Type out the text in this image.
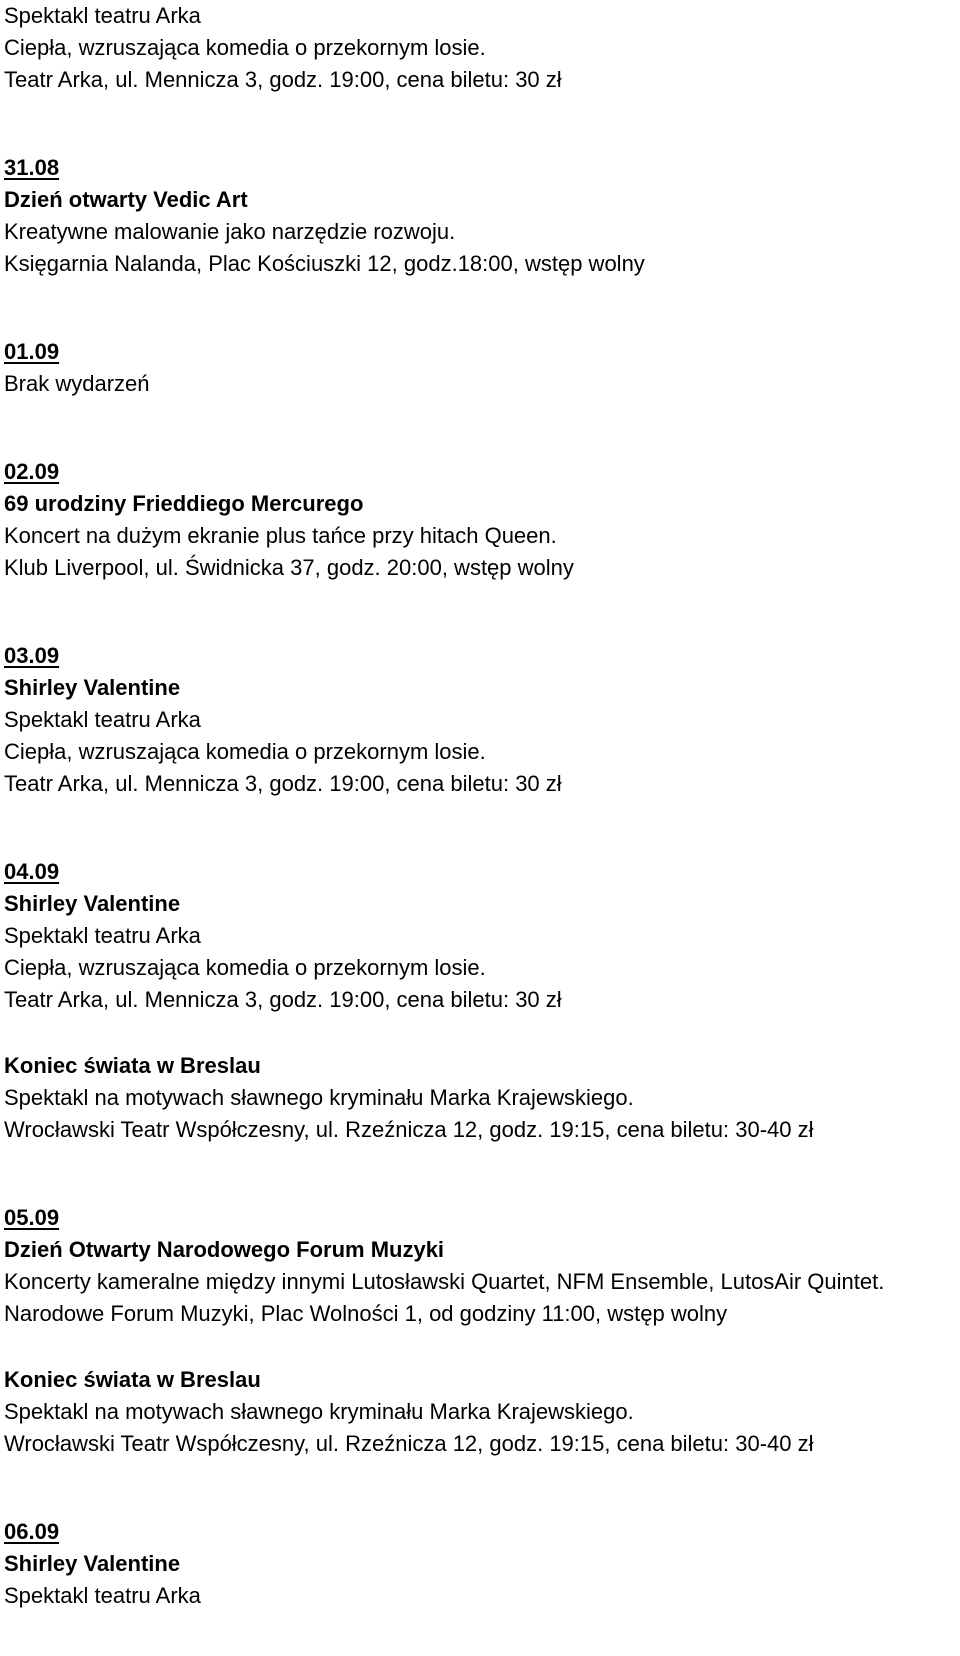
Spektakl teatru Arka
Ciepła, wzruszająca komedia o przekornym losie.
Teatr Arka, ul. Mennicza 3, godz. 19:00, cena biletu: 30 zł
31.08
Dzień otwarty Vedic Art
Kreatywne malowanie jako narzędzie rozwoju.
Księgarnia Nalanda, Plac Kościuszki 12, godz.18:00, wstęp wolny
01.09
Brak wydarzeń
02.09
69 urodziny Frieddiego Mercurego
Koncert na dużym ekranie plus tańce przy hitach Queen.
Klub Liverpool, ul. Świdnicka 37, godz. 20:00, wstęp wolny
03.09
Shirley Valentine
Spektakl teatru Arka
Ciepła, wzruszająca komedia o przekornym losie.
Teatr Arka, ul. Mennicza 3, godz. 19:00, cena biletu: 30 zł
04.09
Shirley Valentine
Spektakl teatru Arka
Ciepła, wzruszająca komedia o przekornym losie.
Teatr Arka, ul. Mennicza 3, godz. 19:00, cena biletu: 30 zł
Koniec świata w Breslau
Spektakl na motywach sławnego kryminału Marka Krajewskiego.
Wrocławski Teatr Współczesny, ul. Rzeźnicza 12, godz. 19:15, cena biletu: 30-40 zł
05.09
Dzień Otwarty Narodowego Forum Muzyki
Koncerty kameralne między innymi Lutosławski Quartet, NFM Ensemble, LutosAir Quintet.
Narodowe Forum Muzyki, Plac Wolności 1, od godziny 11:00, wstęp wolny
Koniec świata w Breslau
Spektakl na motywach sławnego kryminału Marka Krajewskiego.
Wrocławski Teatr Współczesny, ul. Rzeźnicza 12, godz. 19:15, cena biletu: 30-40 zł
06.09
Shirley Valentine
Spektakl teatru Arka
